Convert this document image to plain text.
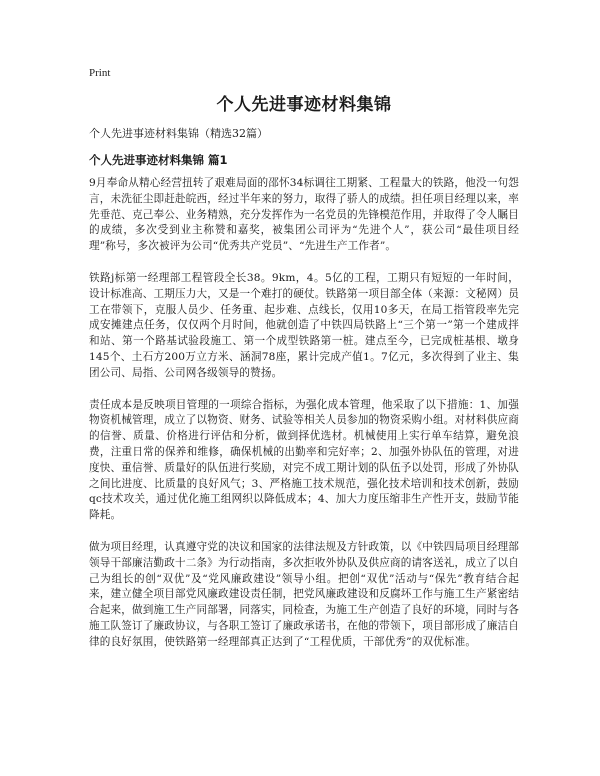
Print
个人先进事迹材料集锦

个人先进事迹材料集锦（精选32篇）

个人先进事迹材料集锦 篇1

9月奉命从精心经营扭转了艰难局面的邵怀34标调往工期紧、工程量大的铁路，他没一句怨言，未洗征尘即赶赴皖西，经过半年来的努力，取得了骄人的成绩。担任项目经理以来，率先垂范、克己奉公、业务精熟，充分发挥作为一名党员的先锋模范作用，并取得了令人瞩目的成绩，多次受到业主称赞和嘉奖，被集团公司评为“先进个人”，获公司“最佳项目经理”称号，多次被评为公司“优秀共产党员”、“先进生产工作者”。

铁路j标第一经理部工程管段全长38。9km，4。5亿的工程，工期只有短短的一年时间，设计标准高、工期压力大，又是一个难打的硬仗。铁路第一项目部全体（来源：文秘网）员工在带领下，克服人员少、任务重、起步难、点线长，仅用10多天，在局工指管段率先完成安摊建点任务，仅仅两个月时间，他就创造了中铁四局铁路上“三个第一”第一个建成拌和站、第一个路基试验段施工、第一个成型铁路第一桩。建点至今，已完成桩基根、墩身145个、土石方200万立方米、涵洞78座，累计完成产值1。7亿元，多次得到了业主、集团公司、局指、公司网各级领导的赞扬。

责任成本是反映项目管理的一项综合指标，为强化成本管理，他采取了以下措施：1、加强物资机械管理，成立了以物资、财务、试验等相关人员参加的物资采购小组。对材料供应商的信誉、质量、价格进行评估和分析，做到择优选材。机械使用上实行单车结算，避免浪费，注重日常的保养和维修，确保机械的出勤率和完好率；2、加强外协队伍的管理，对进度快、重信誉、质量好的队伍进行奖励，对完不成工期计划的队伍予以处罚，形成了外协队之间比进度、比质量的良好风气；3、严格施工技术规范，强化技术培训和技术创新，鼓励qc技术攻关，通过优化施工组网织以降低成本；4、加大力度压缩非生产性开支，鼓励节能降耗。

做为项目经理，认真遵守党的决议和国家的法律法规及方针政策，以《中铁四局项目经理部领导干部廉洁勤政十二条》为行动指南，多次拒收外协队及供应商的请客送礼，成立了以自己为组长的创“双优”及“党风廉政建设”领导小组。把创“双优”活动与“保先”教育结合起来，建立健全项目部党风廉政建设责任制，把党风廉政建设和反腐坏工作与施工生产紧密结合起来，做到施工生产同部署，同落实，同检查，为施工生产创造了良好的环境，同时与各施工队签订了廉政协议，与各职工签订了廉政承诺书，在他的带领下，项目部形成了廉洁自律的良好氛围，使铁路第一经理部真正达到了“工程优质，干部优秀”的双优标准。
